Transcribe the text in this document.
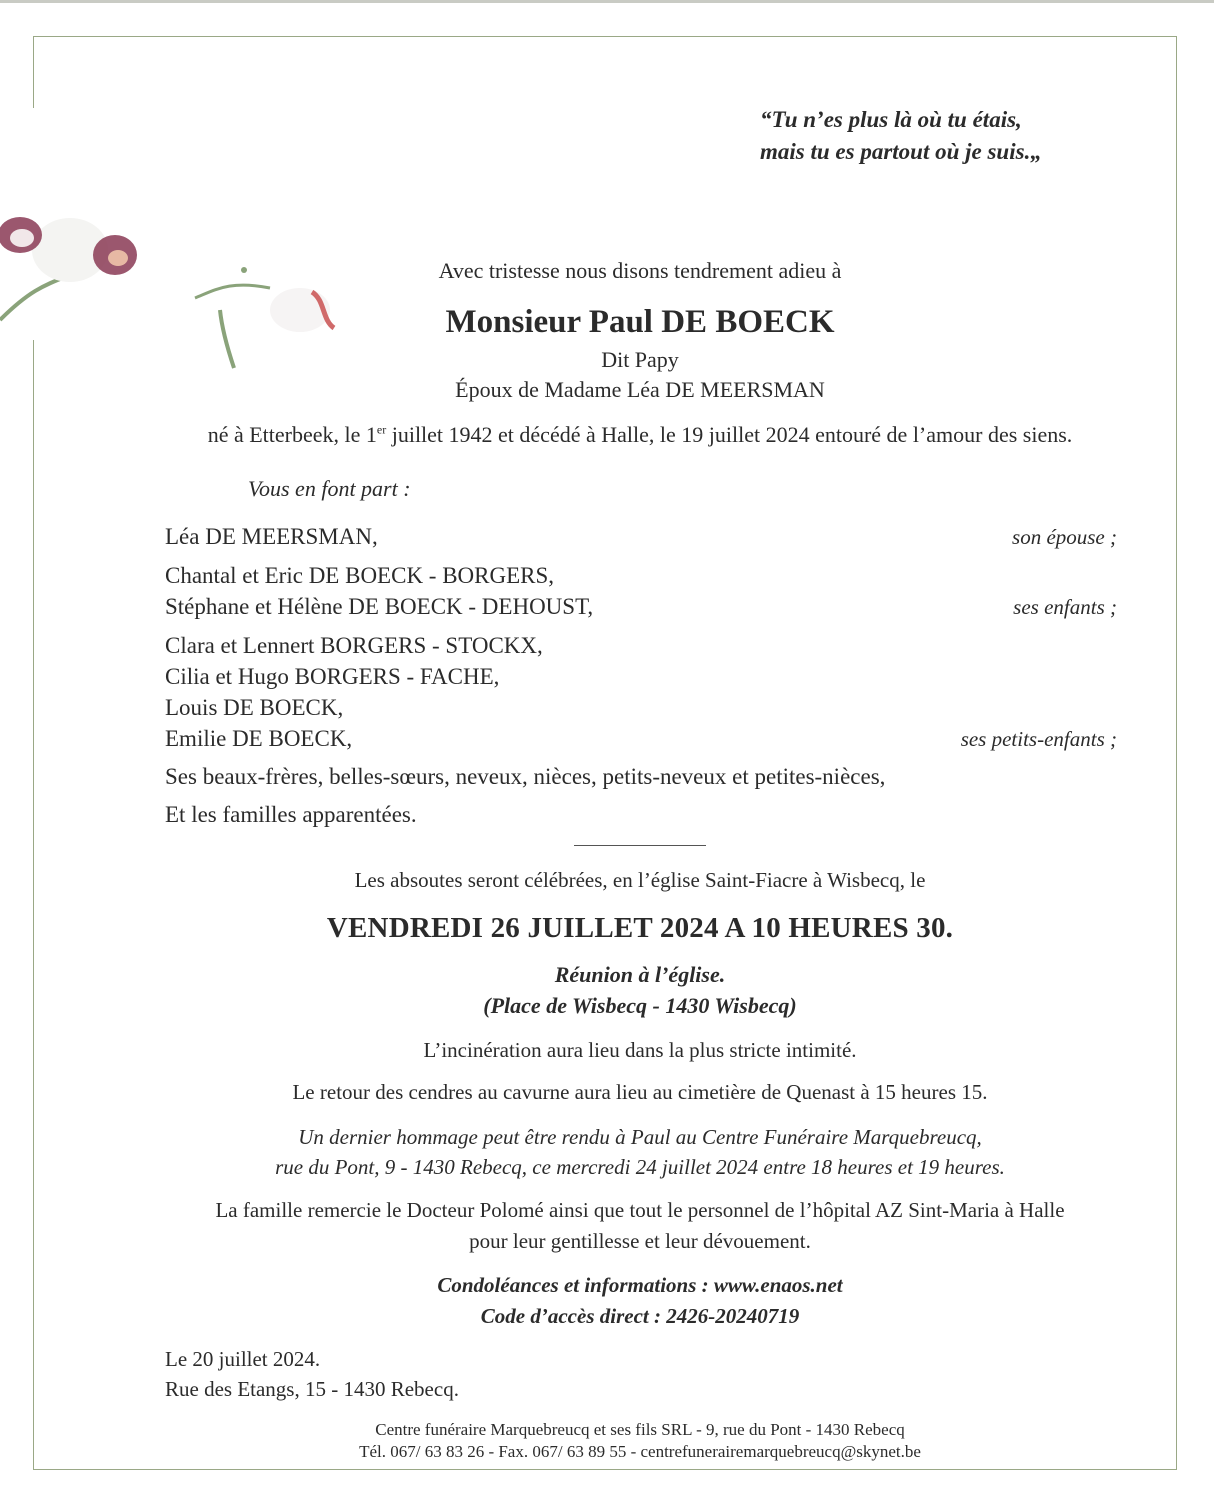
“Tu n’es plus là où tu étais,
mais tu es partout où je suis.„
Avec tristesse nous disons tendrement adieu à
Monsieur Paul DE BOECK
Dit Papy
Époux de Madame Léa DE MEERSMAN
né à Etterbeek, le 1er juillet 1942 et décédé à Halle, le 19 juillet 2024 entouré de l’amour des siens.
Vous en font part :
Léa DE MEERSMAN,	son épouse ;
Chantal et Eric DE BOECK - BORGERS,
Stéphane et Hélène DE BOECK - DEHOUST,	ses enfants ;
Clara et Lennert BORGERS - STOCKX,
Cilia et Hugo BORGERS - FACHE,
Louis DE BOECK,
Emilie DE BOECK,	ses petits-enfants ;
Ses beaux-frères, belles-sœurs, neveux, nièces, petits-neveux et petites-nièces,
Et les familles apparentées.
Les absoutes seront célébrées, en l’église Saint-Fiacre à Wisbecq, le
VENDREDI 26 JUILLET 2024 A 10 HEURES 30.
Réunion à l’église.
(Place de Wisbecq - 1430 Wisbecq)
L’incinération aura lieu dans la plus stricte intimité.
Le retour des cendres au cavurne aura lieu au cimetière de Quenast à 15 heures 15.
Un dernier hommage peut être rendu à Paul au Centre Funéraire Marquebreucq,
rue du Pont, 9 - 1430 Rebecq, ce mercredi 24 juillet 2024 entre 18 heures et 19 heures.
La famille remercie le Docteur Polomé ainsi que tout le personnel de l’hôpital AZ Sint-Maria à Halle
pour leur gentillesse et leur dévouement.
Condoléances et informations : www.enaos.net
Code d’accès direct : 2426-20240719
Le 20 juillet 2024.
Rue des Etangs, 15 - 1430 Rebecq.
Centre funéraire Marquebreucq et ses fils SRL - 9, rue du Pont - 1430 Rebecq
Tél. 067/ 63 83 26 - Fax. 067/ 63 89 55 - centrefunerairemarquebreucq@skynet.be
